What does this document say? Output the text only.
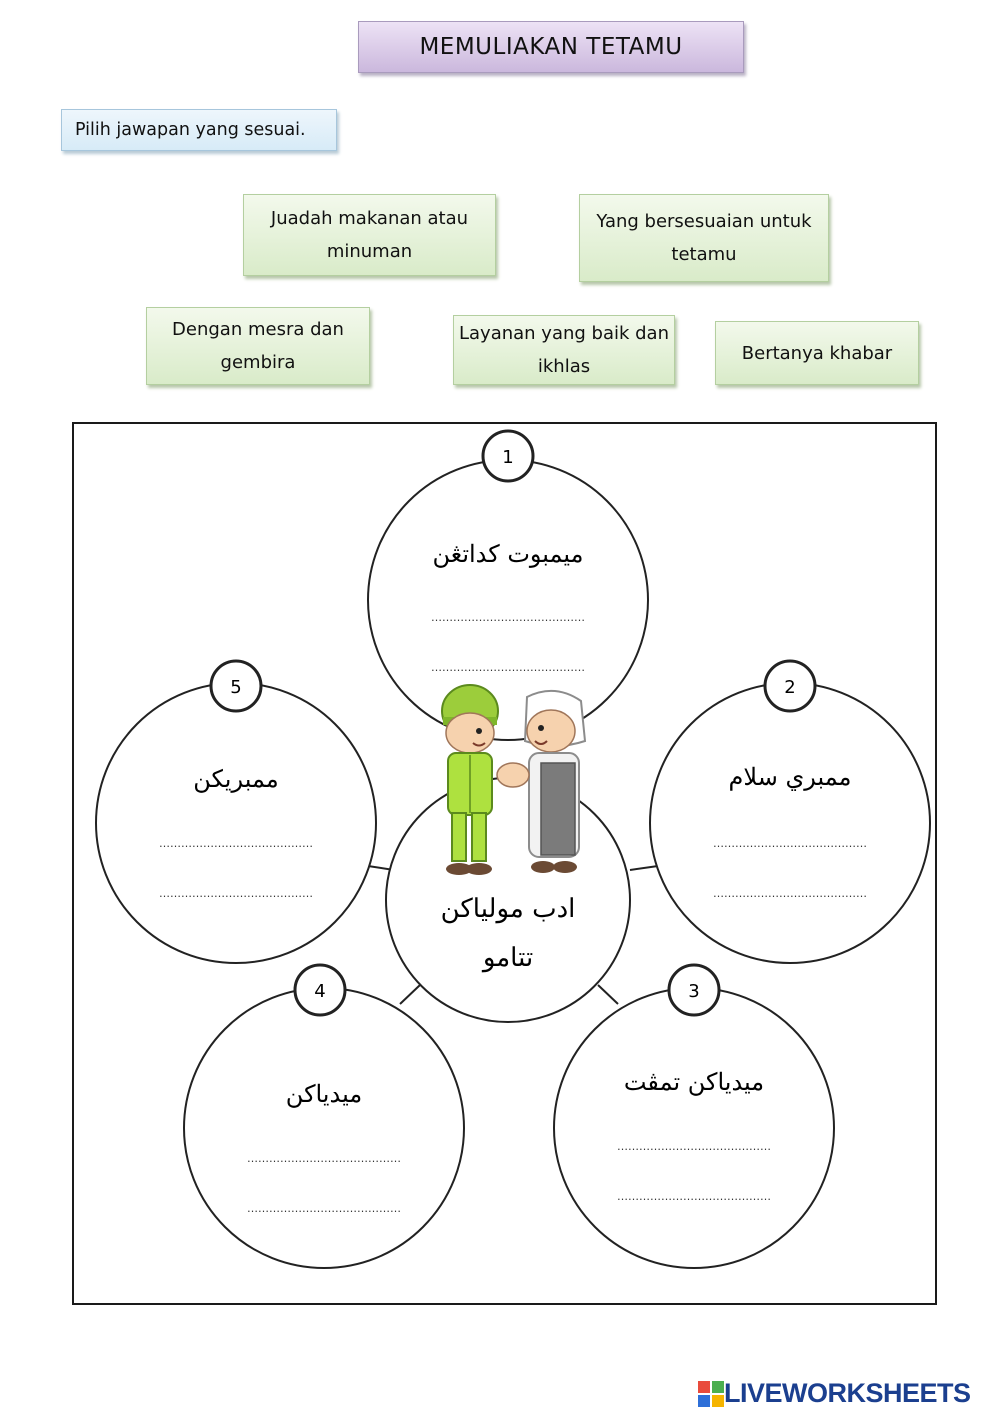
MEMULIAKAN TETAMU
Pilih jawapan yang sesuai.
Juadah makanan atau minuman
Yang bersesuaian untuk tetamu
Dengan mesra dan gembira
Layanan yang baik dan ikhlas
Bertanya khabar
ادب مولياكن
تتامو
1
ميمبوت كداتڠن
……………………………………
……………………………………
2
ممبري سلام
……………………………………
……………………………………
3
ميدياكن تمڤت
……………………………………
……………………………………
4
ميدياكن
……………………………………
……………………………………
5
ممبريكن
……………………………………
……………………………………
LIVEWORKSHEETS
